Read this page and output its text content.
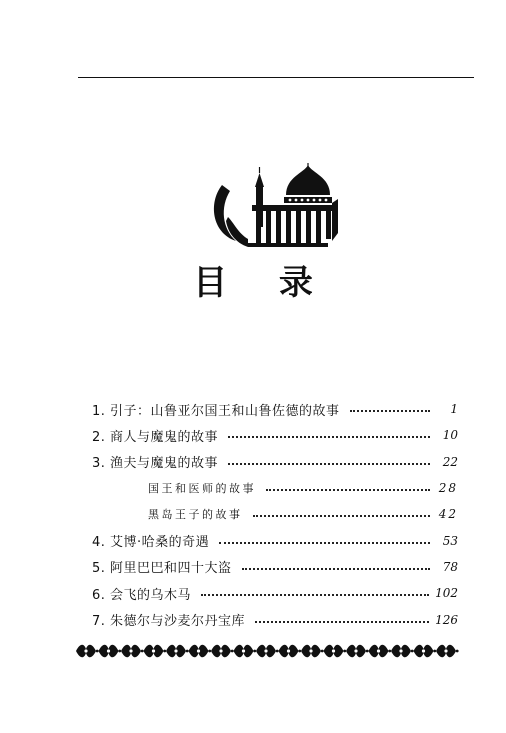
目 录
1. 引子：山鲁亚尔国王和山鲁佐德的故事	1
2. 商人与魔鬼的故事	10
3. 渔夫与魔鬼的故事	22
国王和医师的故事	28
黑岛王子的故事	42
4. 艾博·哈桑的奇遇	53
5. 阿里巴巴和四十大盗	78
6. 会飞的乌木马	102
7. 朱德尔与沙麦尔丹宝库	126
